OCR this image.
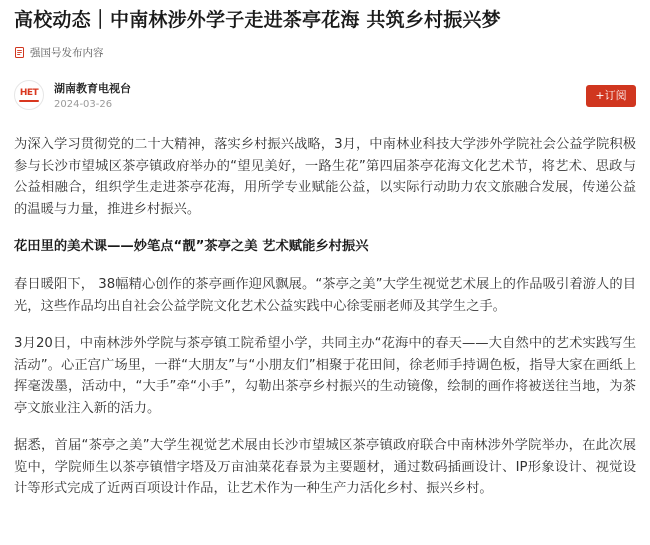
高校动态｜中南林涉外学子走进茶亭花海 共筑乡村振兴梦
强国号发布内容
HET 湖南教育电视台
2024-03-26
+订阅

为深入学习贯彻党的二十大精神，落实乡村振兴战略，3月，中南林业科技大学涉外学院社会公益学院积极参与长沙市望城区茶亭镇政府举办的“望见美好，一路生花”第四届茶亭花海文化艺术节，将艺术、思政与公益相融合，组织学生走进茶亭花海，用所学专业赋能公益，以实际行动助力农文旅融合发展，传递公益的温暖与力量，推进乡村振兴。

花田里的美术课——妙笔点“靓”茶亭之美 艺术赋能乡村振兴

春日暖阳下， 38幅精心创作的茶亭画作迎风飘展。“茶亭之美”大学生视觉艺术展上的作品吸引着游人的目光，这些作品均出自社会公益学院文化艺术公益实践中心徐雯丽老师及其学生之手。

3月20日，中南林涉外学院与茶亭镇工院希望小学，共同主办“花海中的春天——大自然中的艺术实践写生活动”。心正宫广场里，一群“大朋友”与“小朋友们”相聚于花田间，徐老师手持调色板，指导大家在画纸上挥毫泼墨，活动中，“大手”牵“小手”，勾勒出茶亭乡村振兴的生动镜像，绘制的画作将被送往当地，为茶亭文旅业注入新的活力。

据悉，首届“茶亭之美”大学生视觉艺术展由长沙市望城区茶亭镇政府联合中南林涉外学院举办，在此次展览中，学院师生以茶亭镇惜字塔及万亩油菜花春景为主要题材，通过数码插画设计、IP形象设计、视觉设计等形式完成了近两百项设计作品，让艺术作为一种生产力活化乡村、振兴乡村。
